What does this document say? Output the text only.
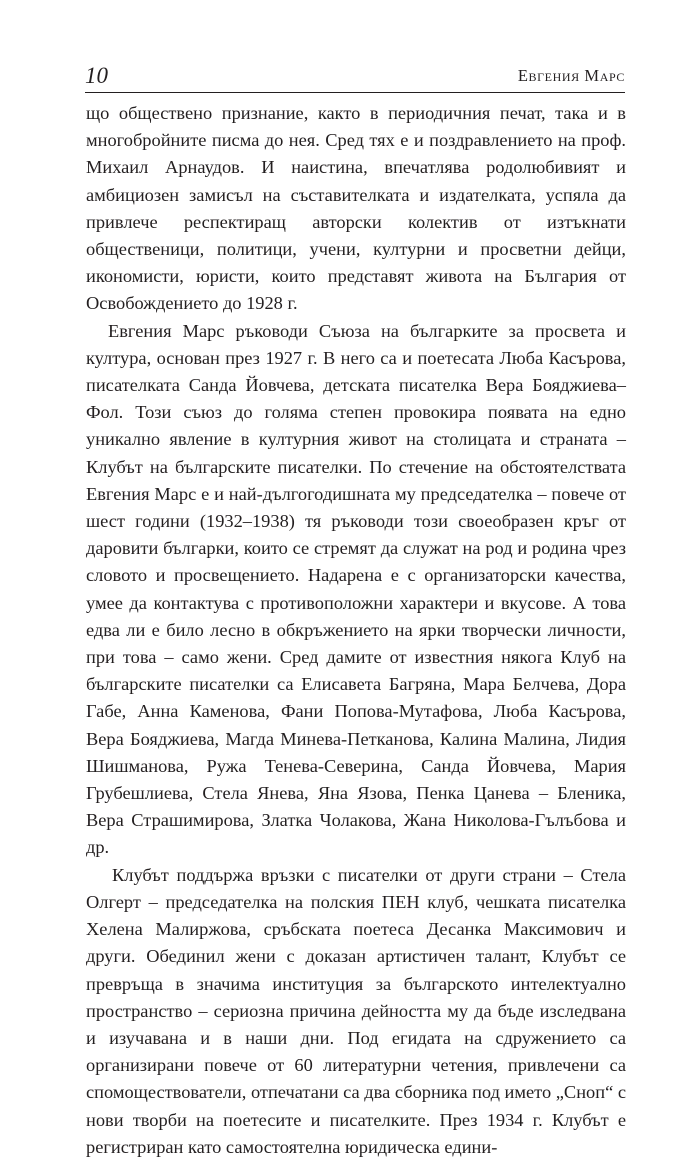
10	Евгения Марс

що обществено признание, както в периодичния печат, така и в многобройните писма до нея. Сред тях е и поздравлението на проф. Михаил Арнаудов. И наистина, впечатлява родолюбивият и амбициозен замисъл на съставителката и издателката, успяла да привлече респектиращ авторски колектив от изтъкнати общественици, политици, учени, културни и просветни дейци, икономисти, юристи, които представят живота на България от Освобождението до 1928 г.

Евгения Марс ръководи Съюза на българките за просвета и култура, основан през 1927 г. В него са и поетесата Люба Касърова, писателката Санда Йовчева, детската писателка Вера Бояджиева–Фол. Този съюз до голяма степен провокира появата на едно уникално явление в културния живот на столицата и страната – Клубът на българските писателки. По стечение на обстоятелствата Евгения Марс е и най-дългогодишната му председателка – повече от шест години (1932–1938) тя ръководи този своеобразен кръг от даровити българки, които се стремят да служат на род и родина чрез словото и просвещението. Надарена е с организаторски качества, умее да контактува с противоположни характери и вкусове. А това едва ли е било лесно в обкръжението на ярки творчески личности, при това – само жени. Сред дамите от известния някога Клуб на българските писателки са Елисавета Багряна, Мара Белчева, Дора Габе, Анна Каменова, Фани Попова-Мутафова, Люба Касърова, Вера Бояджиева, Магда Минева-Петканова, Калина Малина, Лидия Шишманова, Ружа Тенева-Северина, Санда Йовчева, Мария Грубешлиева, Стела Янева, Яна Язова, Пенка Цанева – Бленика, Вера Страшимирова, Златка Чолакова, Жана Николова-Гълъбова и др.

Клубът поддържа връзки с писателки от други страни – Стела Олгерт – председателка на полския ПЕН клуб, чешката писателка Хелена Малиржова, сръбската поетеса Десанка Максимович и други. Обединил жени с доказан артистичен талант, Клубът се превръща в значима институция за българското интелектуално пространство – сериозна причина дейността му да бъде изследвана и изучавана и в наши дни. Под егидата на сдружението са организирани повече от 60 литературни четения, привлечени са спомоществователи, отпечатани са два сборника под името „Сноп“ с нови творби на поетесите и писателките. През 1934 г. Клубът е регистриран като самостоятелна юридическа едини-
